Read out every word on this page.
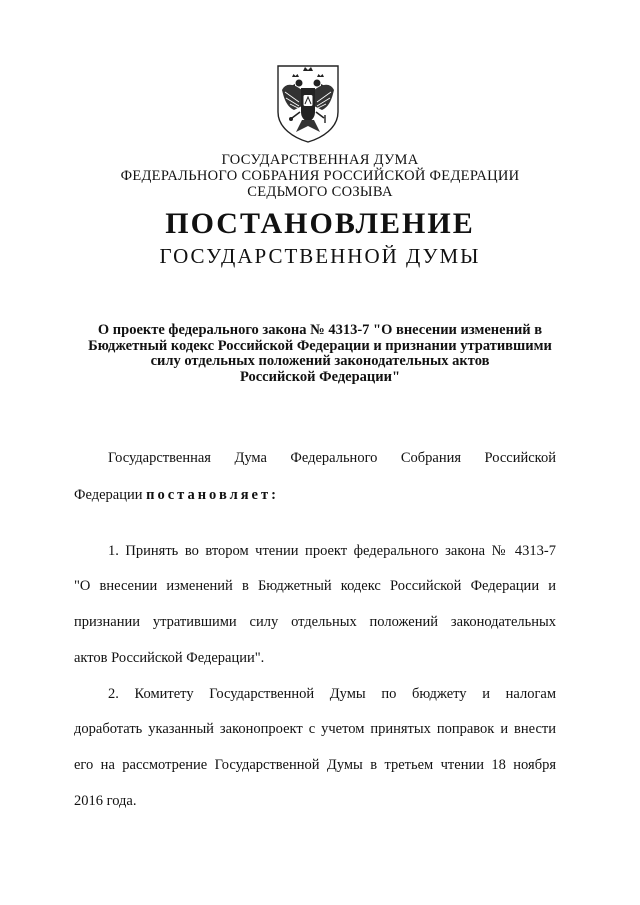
ГОСУДАРСТВЕННАЯ ДУМА
ФЕДЕРАЛЬНОГО СОБРАНИЯ РОССИЙСКОЙ ФЕДЕРАЦИИ
СЕДЬМОГО СОЗЫВА
ПОСТАНОВЛЕНИЕ
ГОСУДАРСТВЕННОЙ ДУМЫ
О проекте федерального закона № 4313-7 "О внесении изменений в
Бюджетный кодекс Российской Федерации и признании утратившими
силу отдельных положений законодательных актов
Российской Федерации"
Государственная Дума Федерального Собрания Российской
Федерации постановляет:
1. Принять во втором чтении проект федерального закона № 4313-7
"О внесении изменений в Бюджетный кодекс Российской Федерации и
признании утратившими силу отдельных положений законодательных
актов Российской Федерации".
2. Комитету Государственной Думы по бюджету и налогам
доработать указанный законопроект с учетом принятых поправок и внести
его на рассмотрение Государственной Думы в третьем чтении 18 ноября
2016 года.
